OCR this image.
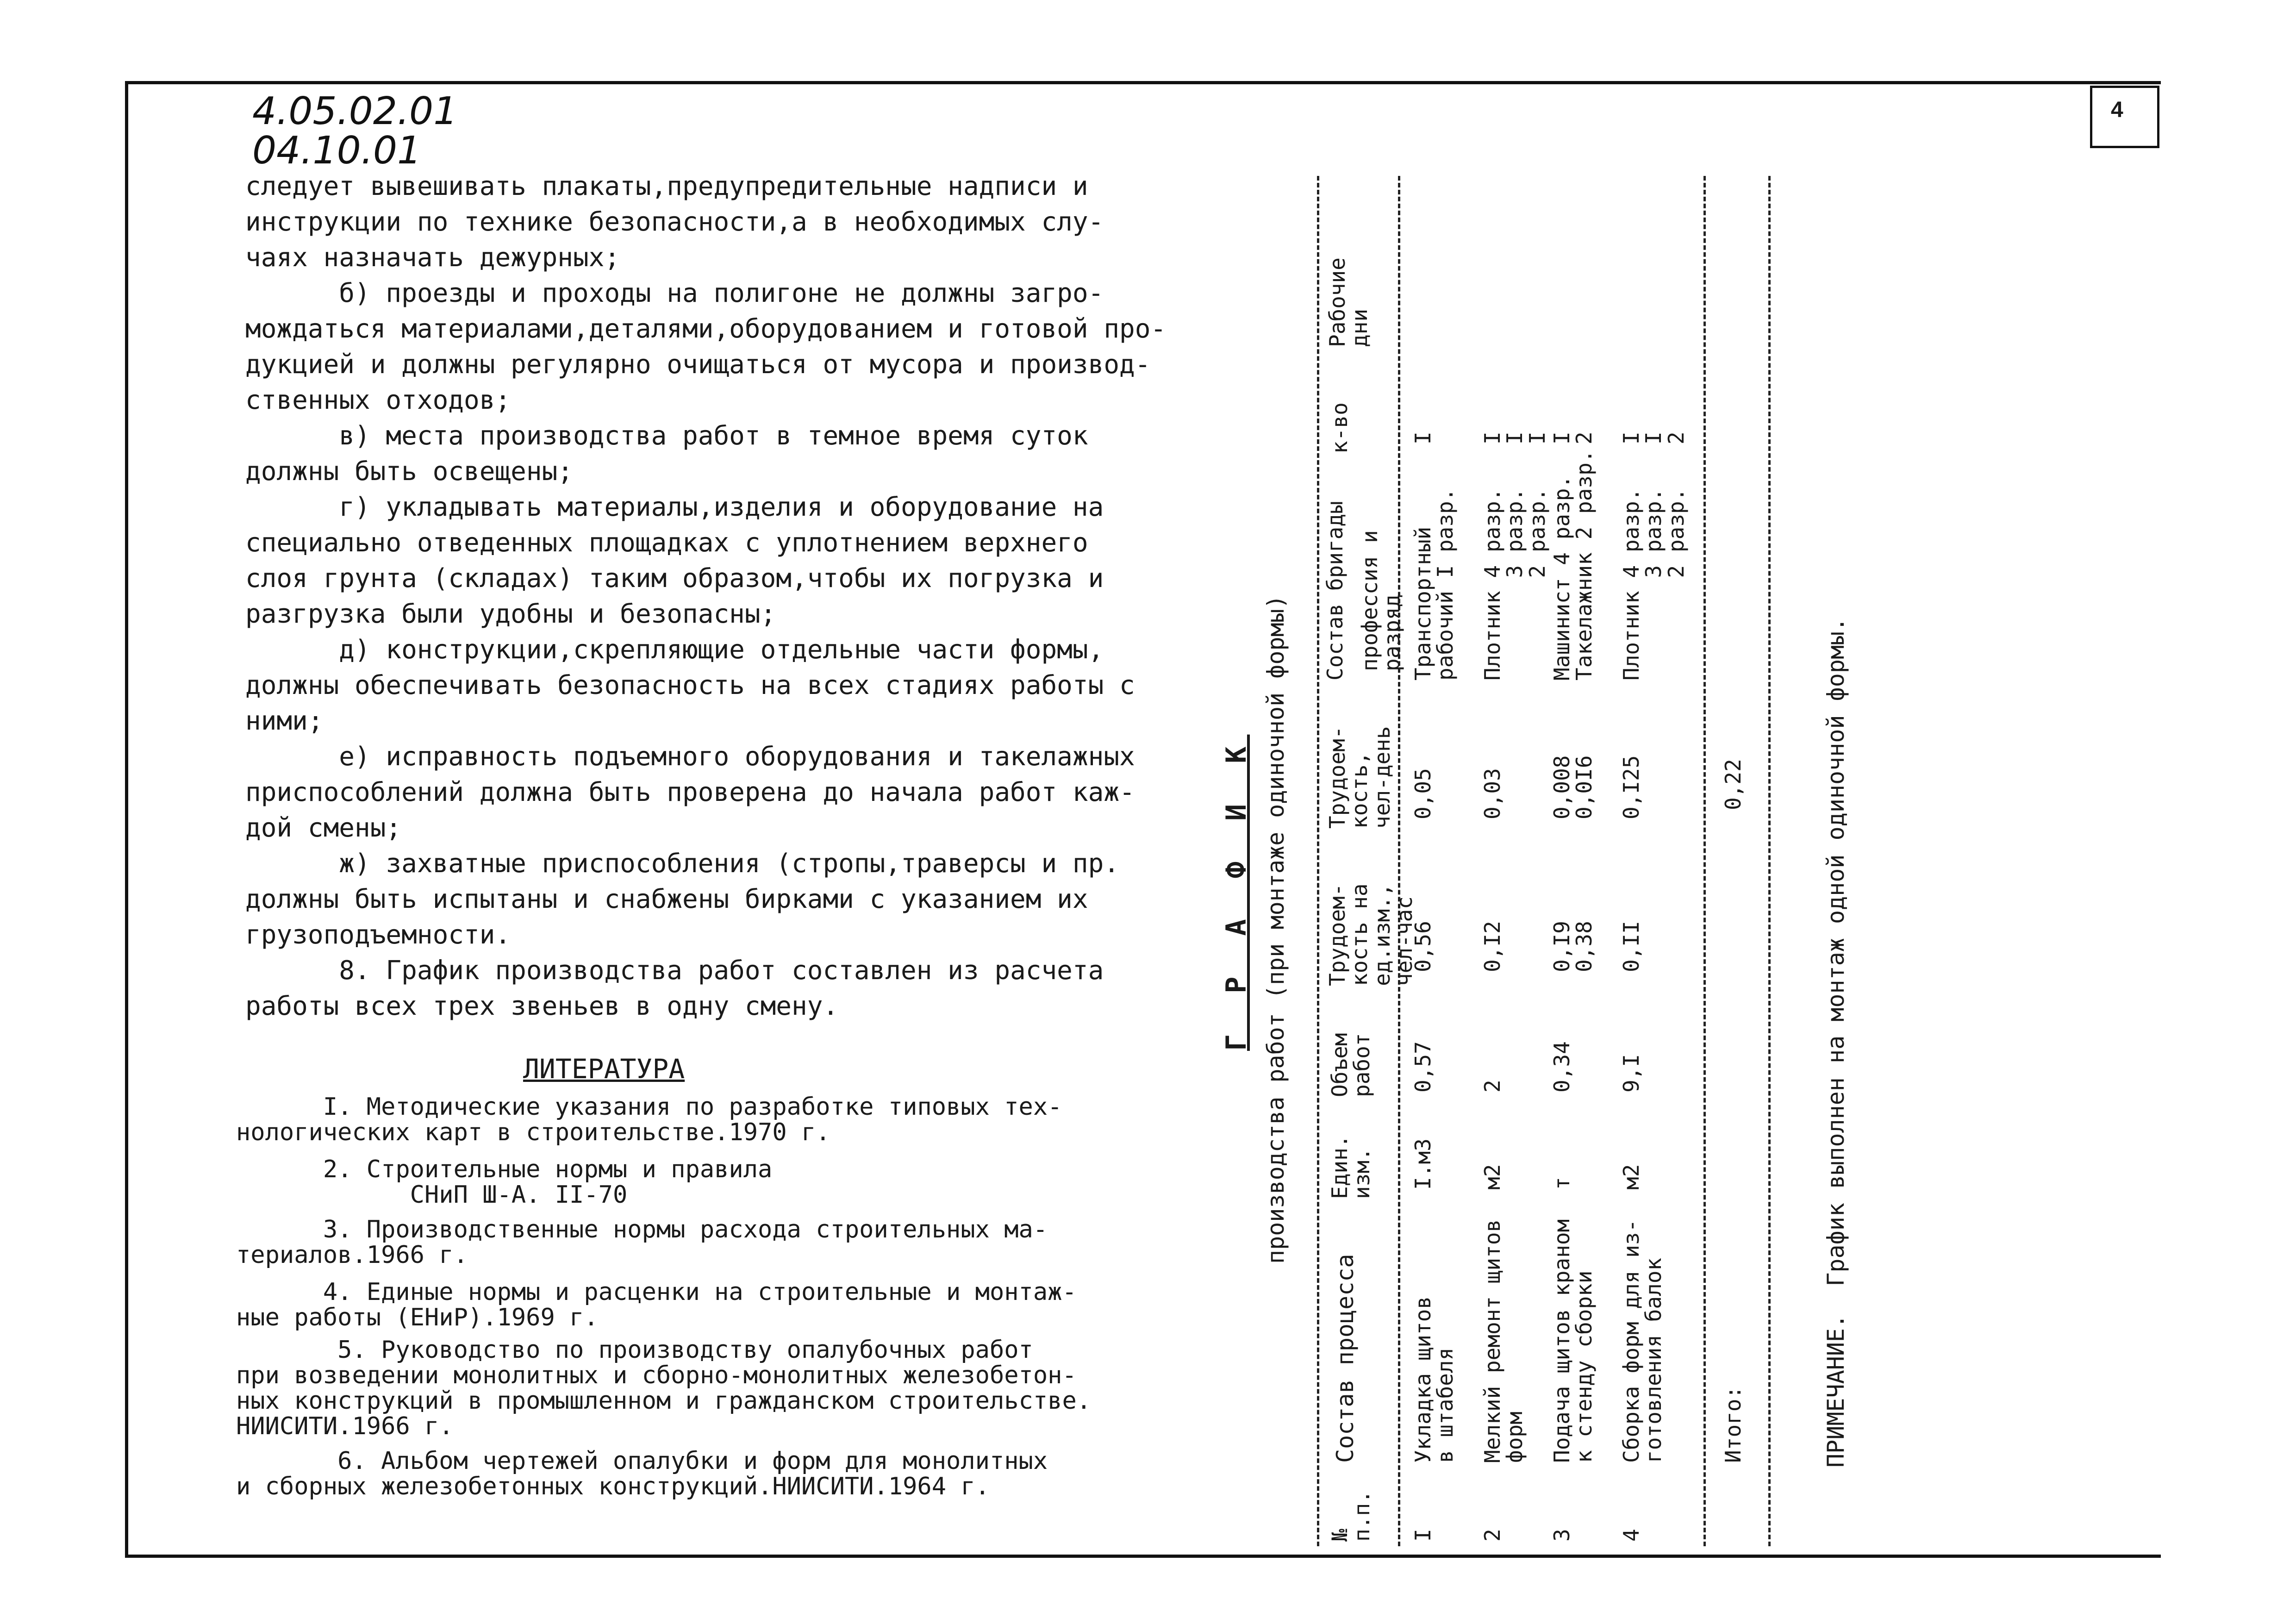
4
4.05.02.01
04.10.01
следует вывешивать плакаты,предупредительные надписи и
инструкции по технике безопасности,а в необходимых слу-
чаях назначать дежурных;
б) проезды и проходы на полигоне не должны загро-
мождаться материалами,деталями,оборудованием и готовой про-
дукцией и должны регулярно очищаться от мусора и производ-
ственных отходов;
в) места производства работ в темное время суток
должны быть освещены;
г) укладывать материалы,изделия и оборудование на
специально отведенных площадках с уплотнением верхнего
слоя грунта (складах) таким образом,чтобы их погрузка и
разгрузка были удобны и безопасны;
д) конструкции,скрепляющие отдельные части формы,
должны обеспечивать безопасность на всех стадиях работы с
ними;
е) исправность подъемного оборудования и такелажных
приспособлений должна быть проверена до начала работ каж-
дой смены;
ж) захватные приспособления (стропы,траверсы и пр.
должны быть испытаны и снабжены бирками с указанием их
грузоподъемности.
8. График производства работ составлен из расчета
работы всех трех звеньев в одну смену.
ЛИТЕРАТУРА
I. Методические указания по разработке типовых тех-
нологических карт в строительстве.1970 г.
2. Строительные нормы и правила
СНиП Ш-А. II-70
3. Производственные нормы расхода строительных ма-
териалов.1966 г.
4. Единые нормы и расценки на строительные и монтаж-
ные работы (ЕНиР).1969 г.
5. Руководство по производству опалубочных работ
при возведении монолитных и сборно-монолитных железобетон-
ных конструкций в промышленном и гражданском строительстве.
НИИСИТИ.1966 г.
6. Альбом чертежей опалубки и форм для монолитных
и сборных железобетонных конструкций.НИИСИТИ.1964 г.
Г Р А Ф И К производства работ (при монтаже одиночной формы)
№
п.п.
Состав процесса
Един.
изм.
Объем
работ
Трудоем-
кость на
ед.изм.,
чел-час
Трудоем-
кость,
чел-день
Состав бригады профессия и
разряд
к-во
Рабочие
дни
I
Укладка щитов
в штабеля
I.м3
0,57
0,56
0,05
Транспортный
рабочий I разр.
I
2
Мелкий ремонт щитов
форм
м2
2
0,I2
0,03
Плотник 4 разр.
3 разр.
2 разр.
I
I
I
3
Подача щитов краном
к стенду сборки
т
0,34
0,I9
0,38
0,008
0,0I6
Машинист 4 разр.
Такелажник 2 разр.
I
2
4
Сборка форм для из-
готовления балок
м2
9,I
0,II
0,I25
Плотник 4 разр.
3 разр.
2 разр.
I
I
2
Итого:
0,22	ПРИМЕЧАНИЕ.  График выполнен на монтаж одной одиночной формы.
